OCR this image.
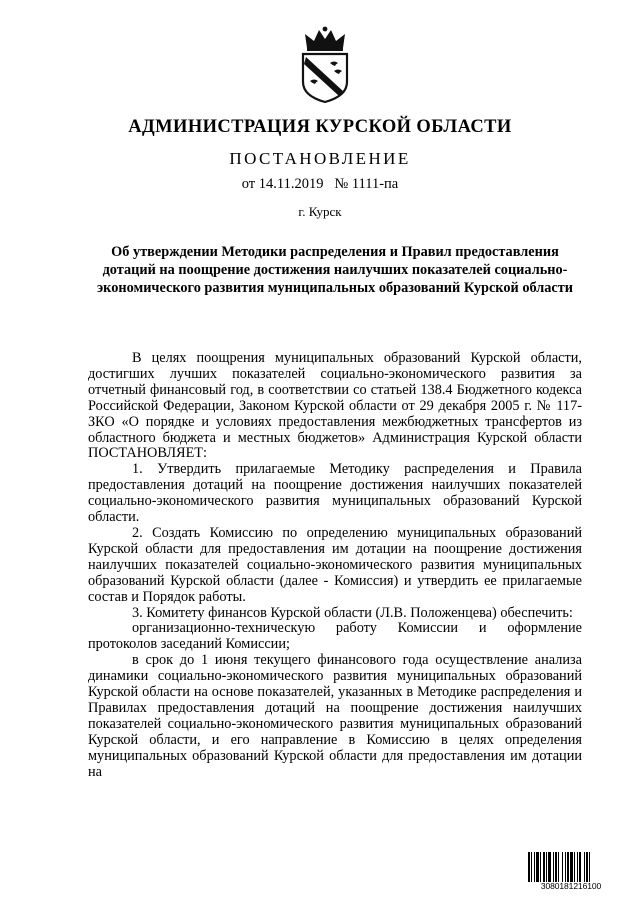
АДМИНИСТРАЦИЯ КУРСКОЙ ОБЛАСТИ
ПОСТАНОВЛЕНИЕ
от 14.11.2019   № 1111-па
г. Курск
Об утверждении Методики распределения и Правил предоставления дотаций на поощрение достижения наилучших показателей социально-экономического развития муниципальных образований Курской области

В целях поощрения муниципальных образований Курской области, достигших лучших показателей социально-экономического развития за отчетный финансовый год, в соответствии со статьей 138.4 Бюджетного кодекса Российской Федерации, Законом Курской области от 29 декабря 2005 г. № 117-ЗКО «О порядке и условиях предоставления межбюджетных трансфертов из областного бюджета и местных бюджетов» Администрация Курской области ПОСТАНОВЛЯЕТ:

1. Утвердить прилагаемые Методику распределения и Правила предоставления дотаций на поощрение достижения наилучших показателей социально-экономического развития муниципальных образований Курской области.

2. Создать Комиссию по определению муниципальных образований Курской области для предоставления им дотации на поощрение достижения наилучших показателей социально-экономического развития муниципальных образований Курской области (далее - Комиссия) и утвердить ее прилагаемые состав и Порядок работы.

3. Комитету финансов Курской области (Л.В. Положенцева) обеспечить:

организационно-техническую работу Комиссии и оформление протоколов заседаний Комиссии;

в срок до 1 июня текущего финансового года осуществление анализа динамики социально-экономического развития муниципальных образований Курской области на основе показателей, указанных в Методике распределения и Правилах предоставления дотаций на поощрение достижения наилучших показателей социально-экономического развития муниципальных образований Курской области, и его направление в Комиссию в целях определения муниципальных образований Курской области для предоставления им дотации на

3080181216100
